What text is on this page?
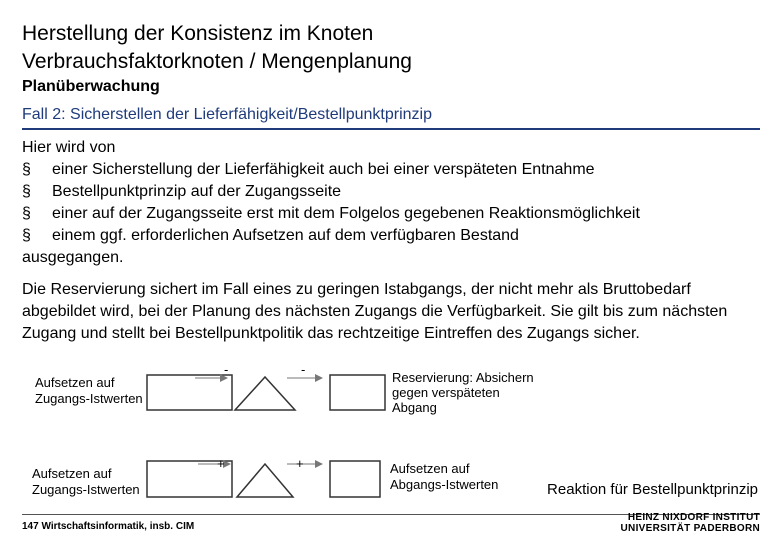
Herstellung der Konsistenz im Knoten
Verbrauchsfaktorknoten / Mengenplanung
Planüberwachung
Fall 2: Sicherstellen der Lieferfähigkeit/Bestellpunktprinzip

Hier wird von

§	einer Sicherstellung der Lieferfähigkeit auch bei einer verspäteten Entnahme
§	Bestellpunktprinzip auf der Zugangsseite
§	einer auf der Zugangsseite erst mit dem Folgelos gegebenen Reaktionsmöglichkeit
§	einem ggf. erforderlichen Aufsetzen auf dem verfügbaren Bestand

ausgegangen.

Die Reservierung sichert im Fall eines zu geringen Istabgangs, der nicht mehr als Bruttobedarf abgebildet wird, bei der Planung des nächsten Zugangs die Verfügbarkeit. Sie gilt bis zum nächsten Zugang und stellt bei Bestellpunktpolitik das rechtzeitige Eintreffen des Zugangs sicher.

Aufsetzen auf
Zugangs-Istwerten
-	-
Reservierung: Absichern
gegen verspäteten
Abgang
Aufsetzen auf
Zugangs-Istwerten
+	+	Aufsetzen auf
Abgangs-Istwerten	Reaktion für Bestellpunktprinzip
147 Wirtschaftsinformatik, insb. CIM
HEINZ NIXDORF INSTITUT
UNIVERSITÄT PADERBORN
